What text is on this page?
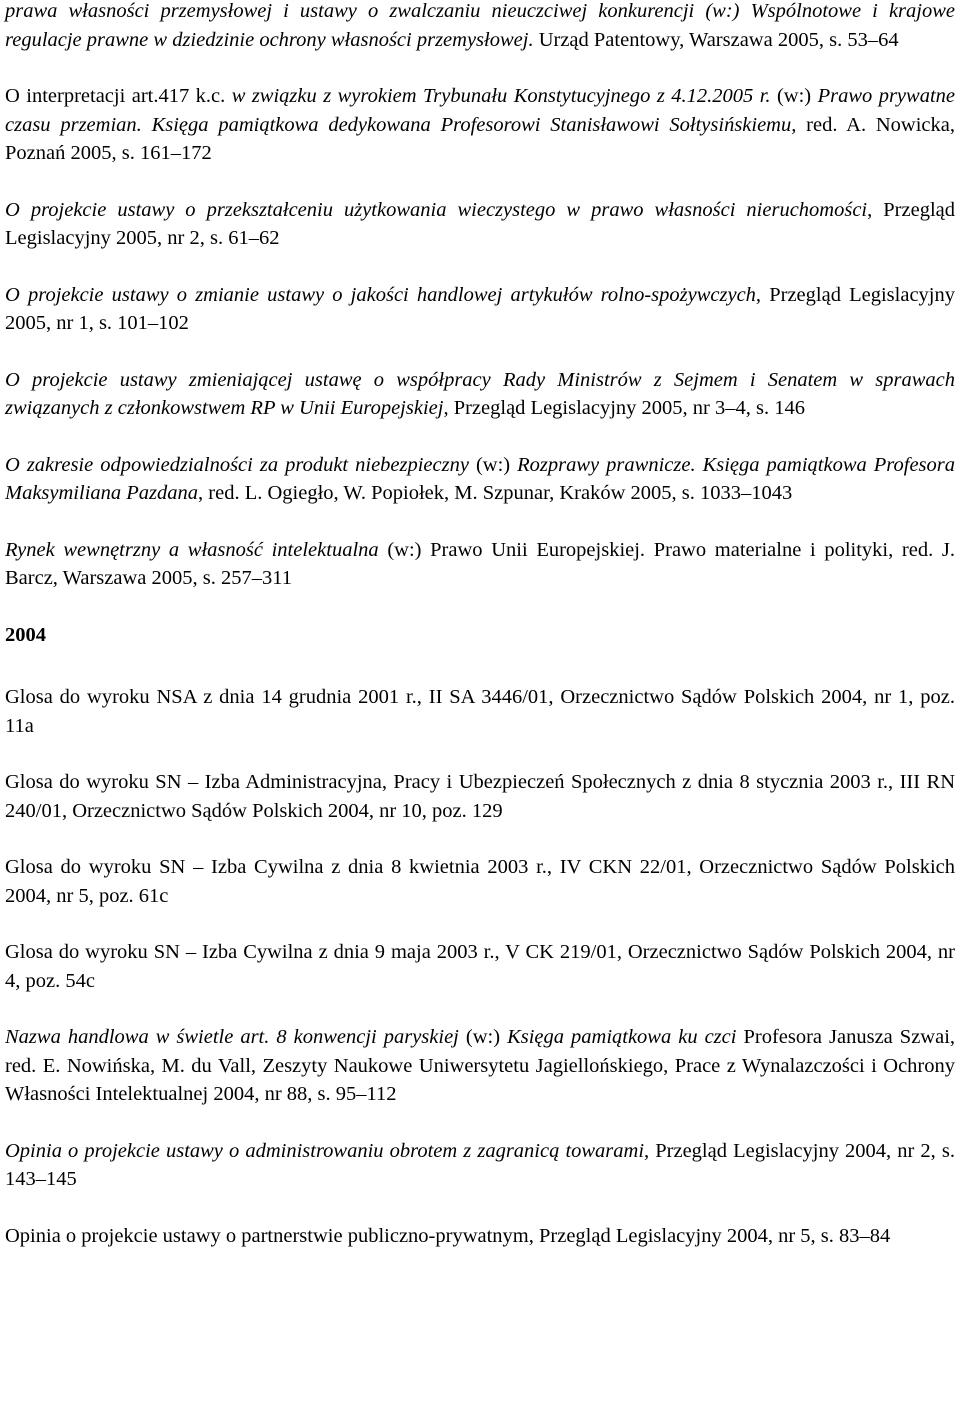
prawa własności przemysłowej i ustawy o zwalczaniu nieuczciwej konkurencji (w:) Wspólnotowe i krajowe regulacje prawne w dziedzinie ochrony własności przemysłowej. Urząd Patentowy, Warszawa 2005, s. 53–64
O interpretacji art.417 k.c. w związku z wyrokiem Trybunału Konstytucyjnego z 4.12.2005 r. (w:) Prawo prywatne czasu przemian. Księga pamiątkowa dedykowana Profesorowi Stanisławowi Sołtysińskiemu, red. A. Nowicka, Poznań 2005, s. 161–172
O projekcie ustawy o przekształceniu użytkowania wieczystego w prawo własności nieruchomości, Przegląd Legislacyjny 2005, nr 2, s. 61–62
O projekcie ustawy o zmianie ustawy o jakości handlowej artykułów rolno-spożywczych, Przegląd Legislacyjny 2005, nr 1, s. 101–102
O projekcie ustawy zmieniającej ustawę o współpracy Rady Ministrów z Sejmem i Senatem w sprawach związanych z członkowstwem RP w Unii Europejskiej, Przegląd Legislacyjny 2005, nr 3–4, s. 146
O zakresie odpowiedzialności za produkt niebezpieczny (w:) Rozprawy prawnicze. Księga pamiątkowa Profesora Maksymiliana Pazdana, red. L. Ogiegło, W. Popiołek, M. Szpunar, Kraków 2005, s. 1033–1043
Rynek wewnętrzny a własność intelektualna (w:) Prawo Unii Europejskiej. Prawo materialne i polityki, red. J. Barcz, Warszawa 2005, s. 257–311
2004
Glosa do wyroku NSA z dnia 14 grudnia 2001 r., II SA 3446/01, Orzecznictwo Sądów Polskich 2004, nr 1, poz. 11a
Glosa do wyroku SN – Izba Administracyjna, Pracy i Ubezpieczeń Społecznych z dnia 8 stycznia 2003 r., III RN 240/01, Orzecznictwo Sądów Polskich 2004, nr 10, poz. 129
Glosa do wyroku SN – Izba Cywilna z dnia 8 kwietnia 2003 r., IV CKN 22/01, Orzecznictwo Sądów Polskich 2004, nr 5, poz. 61c
Glosa do wyroku SN – Izba Cywilna z dnia 9 maja 2003 r., V CK 219/01, Orzecznictwo Sądów Polskich 2004, nr 4, poz. 54c
Nazwa handlowa w świetle art. 8 konwencji paryskiej (w:) Księga pamiątkowa ku czci Profesora Janusza Szwai, red. E. Nowińska, M. du Vall, Zeszyty Naukowe Uniwersytetu Jagiellońskiego, Prace z Wynalazczości i Ochrony Własności Intelektualnej 2004, nr 88, s. 95–112
Opinia o projekcie ustawy o administrowaniu obrotem z zagranicą towarami, Przegląd Legislacyjny 2004, nr 2, s. 143–145
Opinia o projekcie ustawy o partnerstwie publiczno-prywatnym, Przegląd Legislacyjny 2004, nr 5, s. 83–84
